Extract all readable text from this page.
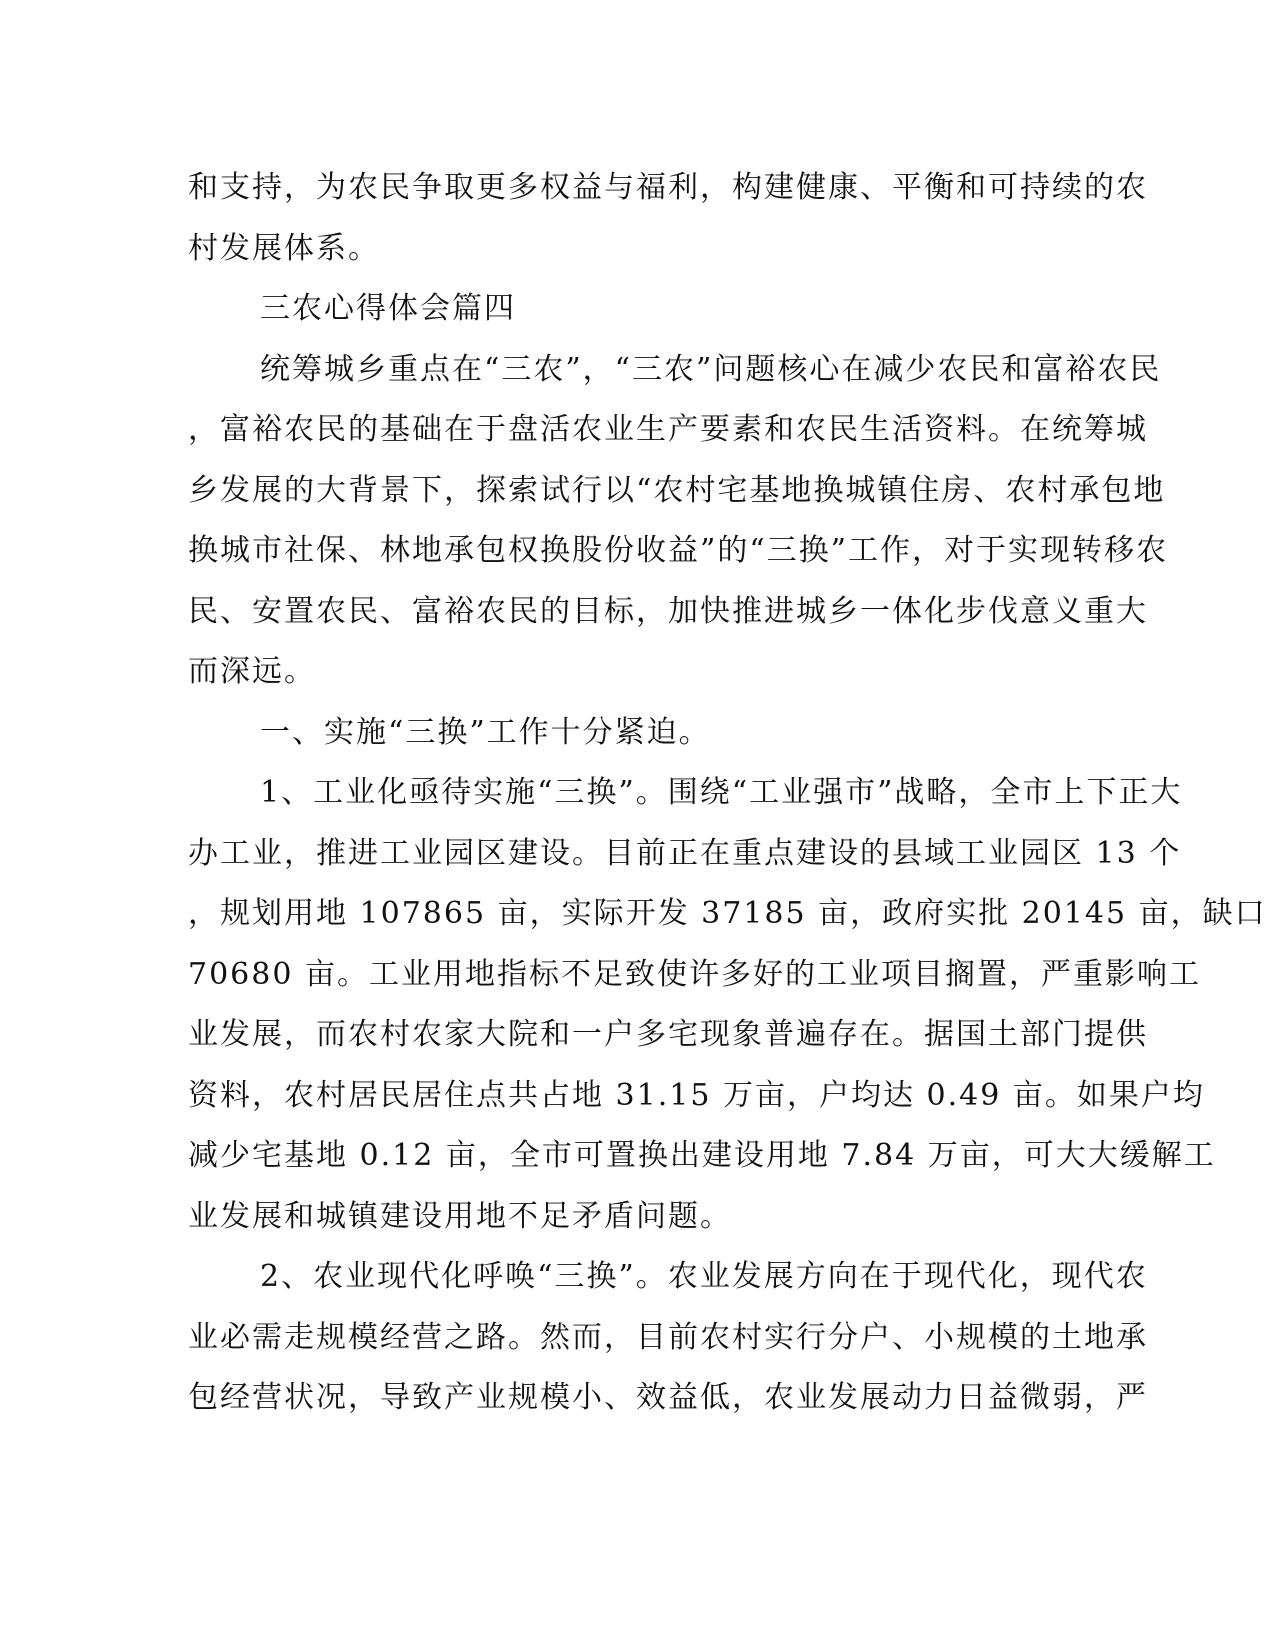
和支持，为农民争取更多权益与福利，构建健康、平衡和可持续的农
村发展体系。
三农心得体会篇四
统筹城乡重点在“三农”，“三农”问题核心在减少农民和富裕农民
，富裕农民的基础在于盘活农业生产要素和农民生活资料。在统筹城
乡发展的大背景下，探索试行以“农村宅基地换城镇住房、农村承包地
换城市社保、林地承包权换股份收益”的“三换”工作，对于实现转移农
民、安置农民、富裕农民的目标，加快推进城乡一体化步伐意义重大
而深远。
一、实施“三换”工作十分紧迫。
1、工业化亟待实施“三换”。围绕“工业强市”战略，全市上下正大
办工业，推进工业园区建设。目前正在重点建设的县域工业园区 13 个
，规划用地 107865 亩，实际开发 37185 亩，政府实批 20145 亩，缺口
70680 亩。工业用地指标不足致使许多好的工业项目搁置，严重影响工
业发展，而农村农家大院和一户多宅现象普遍存在。据国土部门提供
资料，农村居民居住点共占地 31.15 万亩，户均达 0.49 亩。如果户均
减少宅基地 0.12 亩，全市可置换出建设用地 7.84 万亩，可大大缓解工
业发展和城镇建设用地不足矛盾问题。
2、农业现代化呼唤“三换”。农业发展方向在于现代化，现代农
业必需走规模经营之路。然而，目前农村实行分户、小规模的土地承
包经营状况，导致产业规模小、效益低，农业发展动力日益微弱，严
